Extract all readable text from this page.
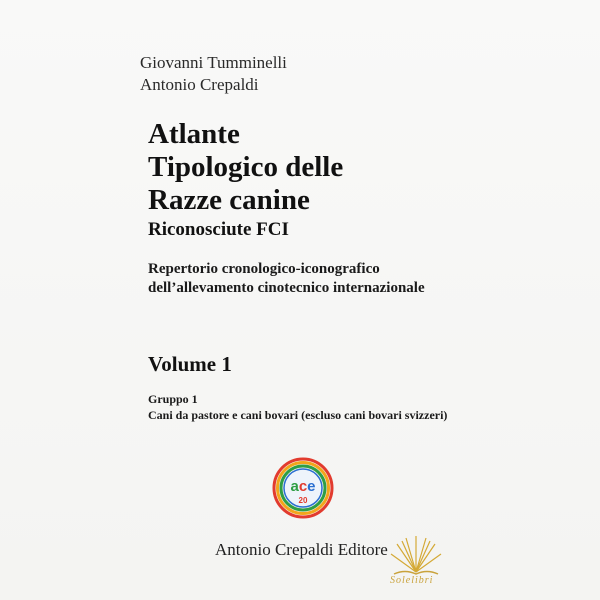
Giovanni Tumminelli
Antonio Crepaldi
Atlante
Tipologico delle
Razze canine
Riconosciute FCI
Repertorio cronologico-iconografico
dell’allevamento cinotecnico internazionale
Volume 1
Gruppo 1
Cani da pastore e cani bovari (escluso cani bovari svizzeri)
ace
20
Antonio Crepaldi Editore
Solelibri
